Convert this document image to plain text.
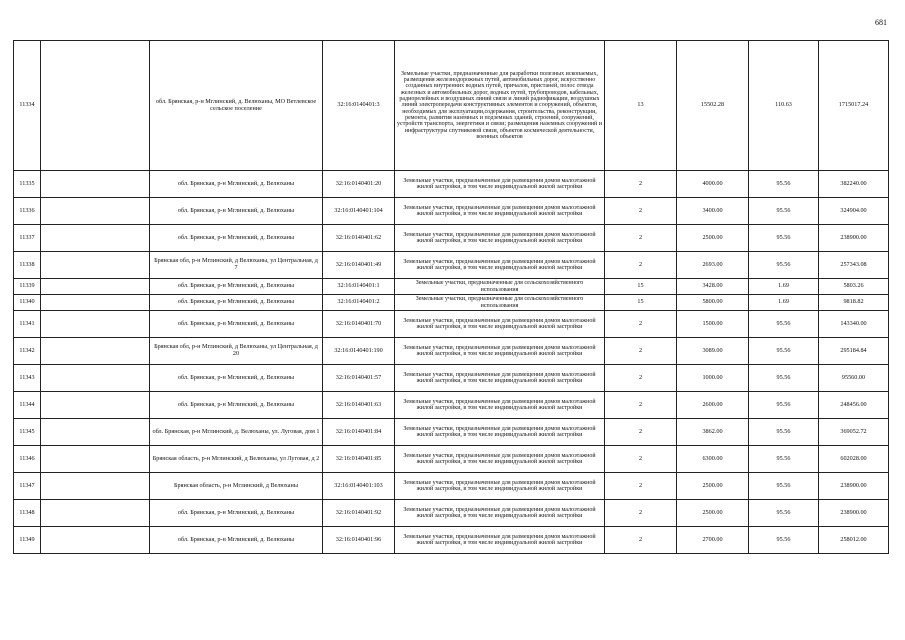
681
11334		обл. Брянская, р-н Мглинский, д. Велюханы, МО Ветлевское сельское поселение	32:16:0140401:3	Земельные участки, предназначенные для разработки полезных ископаемых, размещения железнодорожных путей, автомобильных дорог, искусственно созданных внутренних водных путей, причалов, пристаней, полос отвода железных и автомобильных дорог, водных путей, трубопроводов, кабельных, радиорелейных и воздушных линий связи и линий радиофикации, воздушных линий электропередачи конструктивных элементов и сооружений, объектов, необходимых для эксплуатации,содержания, строительства, реконструкции, ремонта, развития наземных и подземных зданий, строений, сооружений, устройств транспорта, энергетики и связи; размещения наземных сооружений и инфраструктуры спутниковой связи, объектов космической деятельности, военных объектов	13	15502.28	110.63	1715017.24
11335		обл. Брянская, р-н Мглинский, д. Велюханы	32:16:0140401:20	Земельные участки, предназначенные для размещения домов малоэтажной жилой застройки, в том числе индивидуальной жилой застройки	2	4000.00	95.56	382240.00
11336		обл. Брянская, р-н Мглинский, д. Велюханы	32:16:0140401:104	Земельные участки, предназначенные для размещения домов малоэтажной жилой застройки, в том числе индивидуальной жилой застройки	2	3400.00	95.56	324904.00
11337		обл. Брянская, р-н Мглинский, д. Велюханы	32:16:0140401:62	Земельные участки, предназначенные для размещения домов малоэтажной жилой застройки, в том числе индивидуальной жилой застройки	2	2500.00	95.56	238900.00
11338		Брянская обл, р-н Мглинский, д Велюханы, ул Центральная, д 7	32:16:0140401:49	Земельные участки, предназначенные для размещения домов малоэтажной жилой застройки, в том числе индивидуальной жилой застройки	2	2693.00	95.56	257343.08
11339		обл. Брянская, р-н Мглинский, д. Велюханы	32:16:0140401:1	Земельные участки, предназначенные для сельскохозяйственного использования	15	3428.00	1.69	5803.26
11340		обл. Брянская, р-н Мглинский, д. Велюханы	32:16:0140401:2	Земельные участки, предназначенные для сельскохозяйственного использования	15	5800.00	1.69	9818.82
11341		обл. Брянская, р-н Мглинский, д. Велюханы	32:16:0140401:70	Земельные участки, предназначенные для размещения домов малоэтажной жилой застройки, в том числе индивидуальной жилой застройки	2	1500.00	95.56	143340.00
11342		Брянская обл, р-н Мглинский, д Велюханы, ул Центральная, д 20	32:16:0140401:190	Земельные участки, предназначенные для размещения домов малоэтажной жилой застройки, в том числе индивидуальной жилой застройки	2	3089.00	95.56	295184.84
11343		обл. Брянская, р-н Мглинский, д. Велюханы	32:16:0140401:57	Земельные участки, предназначенные для размещения домов малоэтажной жилой застройки, в том числе индивидуальной жилой застройки	2	1000.00	95.56	95560.00
11344		обл. Брянская, р-н Мглинский, д. Велюханы	32:16:0140401:63	Земельные участки, предназначенные для размещения домов малоэтажной жилой застройки, в том числе индивидуальной жилой застройки	2	2600.00	95.56	248456.00
11345		обл. Брянская, р-н Мглинский, д. Велюханы, ул. Луговая, дом 1	32:16:0140401:84	Земельные участки, предназначенные для размещения домов малоэтажной жилой застройки, в том числе индивидуальной жилой застройки	2	3862.00	95.56	369052.72
11346		Брянская область, р-н Мглинский, д Велюханы, ул Луговая, д 2	32:16:0140401:85	Земельные участки, предназначенные для размещения домов малоэтажной жилой застройки, в том числе индивидуальной жилой застройки	2	6300.00	95.56	602028.00
11347		Брянская область, р-н Мглинский, д Велюханы	32:16:0140401:103	Земельные участки, предназначенные для размещения домов малоэтажной жилой застройки, в том числе индивидуальной жилой застройки	2	2500.00	95.56	238900.00
11348		обл. Брянская, р-н Мглинский, д. Велюханы	32:16:0140401:92	Земельные участки, предназначенные для размещения домов малоэтажной жилой застройки, в том числе индивидуальной жилой застройки	2	2500.00	95.56	238900.00
11349		обл. Брянская, р-н Мглинский, д. Велюханы	32:16:0140401:96	Земельные участки, предназначенные для размещения домов малоэтажной жилой застройки, в том числе индивидуальной жилой застройки	2	2700.00	95.56	258012.00
